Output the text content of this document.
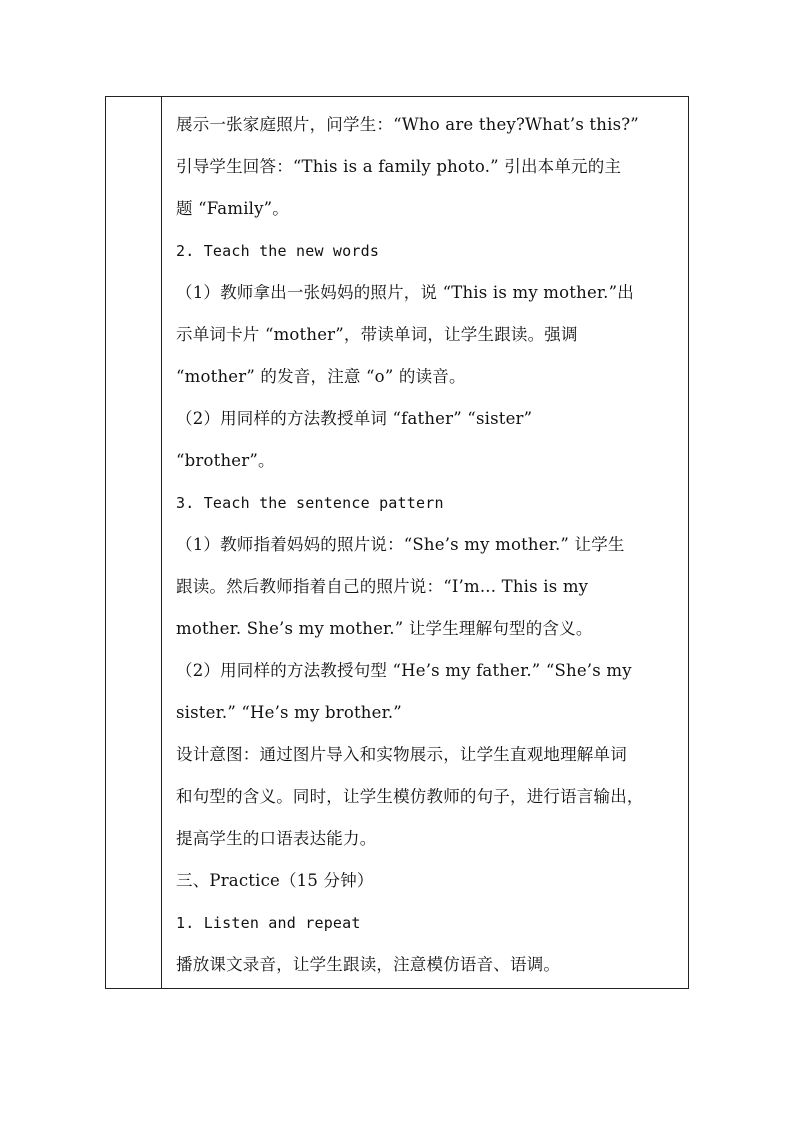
展示一张家庭照片，问学生：“Who are they?What’s this?”
引导学生回答：“This is a family photo.” 引出本单元的主
题 “Family”。
2. Teach the new words
（1）教师拿出一张妈妈的照片，说 “This is my mother.”出
示单词卡片 “mother”，带读单词，让学生跟读。强调
“mother” 的发音，注意 “o” 的读音。
（2）用同样的方法教授单词 “father” “sister”
“brother”。
3. Teach the sentence pattern
（1）教师指着妈妈的照片说：“She’s my mother.” 让学生
跟读。然后教师指着自己的照片说：“I’m... This is my
mother. She’s my mother.” 让学生理解句型的含义。
（2）用同样的方法教授句型 “He’s my father.” “She’s my
sister.” “He’s my brother.”
设计意图：通过图片导入和实物展示，让学生直观地理解单词
和句型的含义。同时，让学生模仿教师的句子，进行语言输出，
提高学生的口语表达能力。
三、Practice（15 分钟）
1. Listen and repeat
播放课文录音，让学生跟读，注意模仿语音、语调。
